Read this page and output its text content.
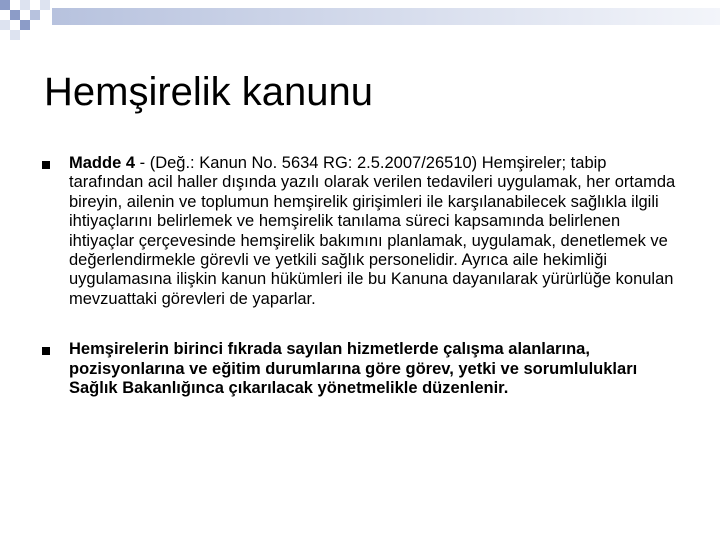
Hemşirelik kanunu
Madde 4 - (Değ.: Kanun No. 5634 RG: 2.5.2007/26510) Hemşireler; tabip tarafından acil haller dışında yazılı olarak verilen tedavileri uygulamak, her ortamda bireyin, ailenin ve toplumun hemşirelik girişimleri ile karşılanabilecek sağlıkla ilgili ihtiyaçlarını belirlemek ve hemşirelik tanılama süreci kapsamında belirlenen ihtiyaçlar çerçevesinde hemşirelik bakımını planlamak, uygulamak, denetlemek ve değerlendirmekle görevli ve yetkili sağlık personelidir. Ayrıca aile hekimliği uygulamasına ilişkin kanun hükümleri ile bu Kanuna dayanılarak yürürlüğe konulan mevzuattaki görevleri de yaparlar.
Hemşirelerin birinci fıkrada sayılan hizmetlerde çalışma alanlarına, pozisyonlarına ve eğitim durumlarına göre görev, yetki ve sorumlulukları Sağlık Bakanlığınca çıkarılacak yönetmelikle düzenlenir.
